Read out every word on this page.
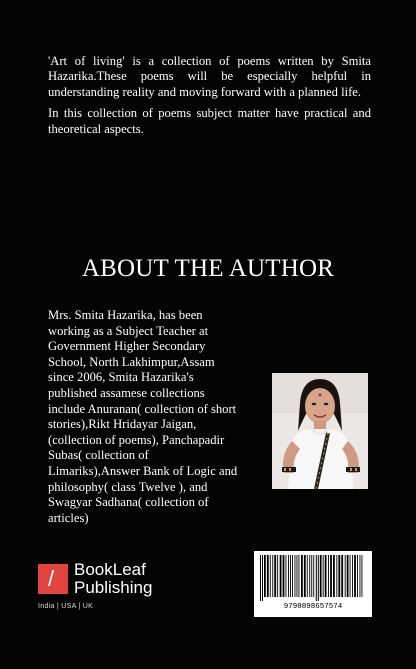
'Art of living' is a collection of poems written by Smita Hazarika.These poems will be especially helpful in understanding reality and moving forward with a planned life.

In this collection of poems subject matter have practical and theoretical aspects.

ABOUT THE AUTHOR
Mrs. Smita Hazarika, has been working as a Subject Teacher at Government Higher Secondary School, North Lakhimpur,Assam since 2006, Smita Hazarika's published assamese collections include Anuranan( collection of short stories),Rikt Hridayar Jaigan,(collection of poems), Panchapadir Subas( collection of Limariks),Answer Bank of Logic and philosophy( class Twelve ), and Swagyar Sadhana( collection of articles)
/ BookLeaf
Publishing
India | USA | UK	9798898657574
